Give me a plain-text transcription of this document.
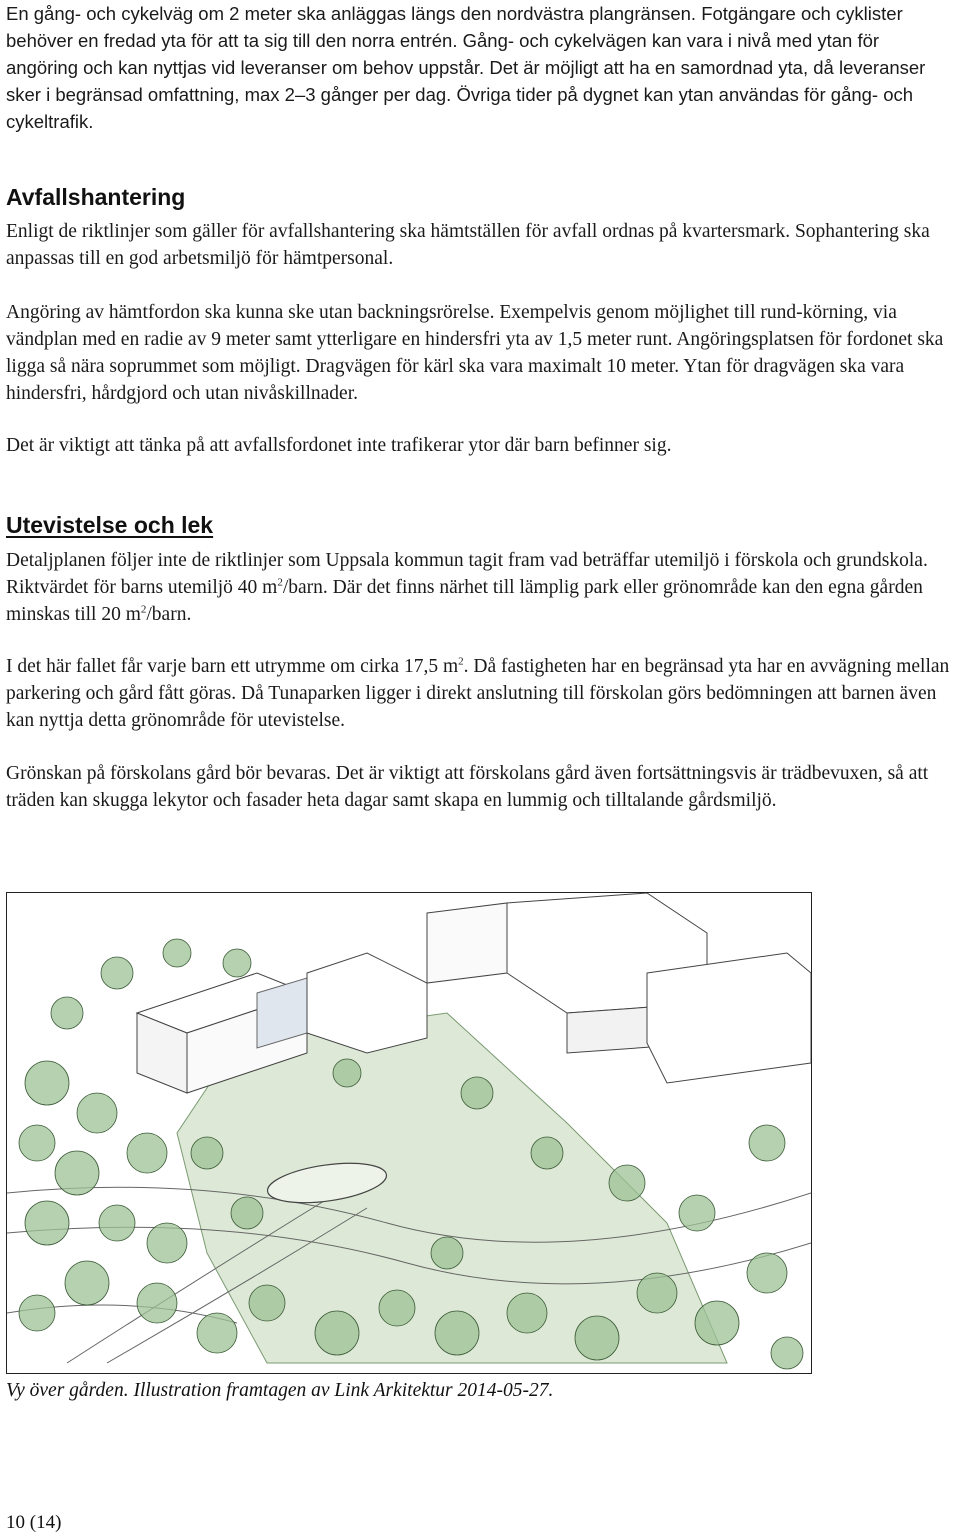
En gång- och cykelväg om 2 meter ska anläggas längs den nordvästra plangränsen. Fotgängare och cyklister behöver en fredad yta för att ta sig till den norra entrén. Gång- och cykelvägen kan vara i nivå med ytan för angöring och kan nyttjas vid leveranser om behov uppstår. Det är möjligt att ha en samordnad yta, då leveranser sker i begränsad omfattning, max 2–3 gånger per dag. Övriga tider på dygnet kan ytan användas för gång- och cykeltrafik.

Avfallshantering

Enligt de riktlinjer som gäller för avfallshantering ska hämtställen för avfall ordnas på kvartersmark. Sophantering ska anpassas till en god arbetsmiljö för hämtpersonal.

Angöring av hämtfordon ska kunna ske utan backningsrörelse. Exempelvis genom möjlighet till rund-körning, via vändplan med en radie av 9 meter samt ytterligare en hindersfri yta av 1,5 meter runt. Angöringsplatsen för fordonet ska ligga så nära soprummet som möjligt. Dragvägen för kärl ska vara maximalt 10 meter. Ytan för dragvägen ska vara hindersfri, hårdgjord och utan nivåskillnader.

Det är viktigt att tänka på att avfallsfordonet inte trafikerar ytor där barn befinner sig.

Utevistelse och lek

Detaljplanen följer inte de riktlinjer som Uppsala kommun tagit fram vad beträffar utemiljö i förskola och grundskola. Riktvärdet för barns utemiljö 40 $m^2$/barn. Där det finns närhet till lämplig park eller grönområde kan den egna gården minskas till 20 $m^2$/barn.

I det här fallet får varje barn ett utrymme om cirka 17,5 $m^2$. Då fastigheten har en begränsad yta har en avvägning mellan parkering och gård fått göras. Då Tunaparken ligger i direkt anslutning till förskolan görs bedömningen att barnen även kan nyttja detta grönområde för utevistelse.

Grönskan på förskolans gård bör bevaras. Det är viktigt att förskolans gård även fortsättningsvis är trädbevuxen, så att träden kan skugga lekytor och fasader heta dagar samt skapa en lummig och tilltalande gårdsmiljö.

Vy över gården. Illustration framtagen av Link Arkitektur 2014-05-27.
10 (14)
